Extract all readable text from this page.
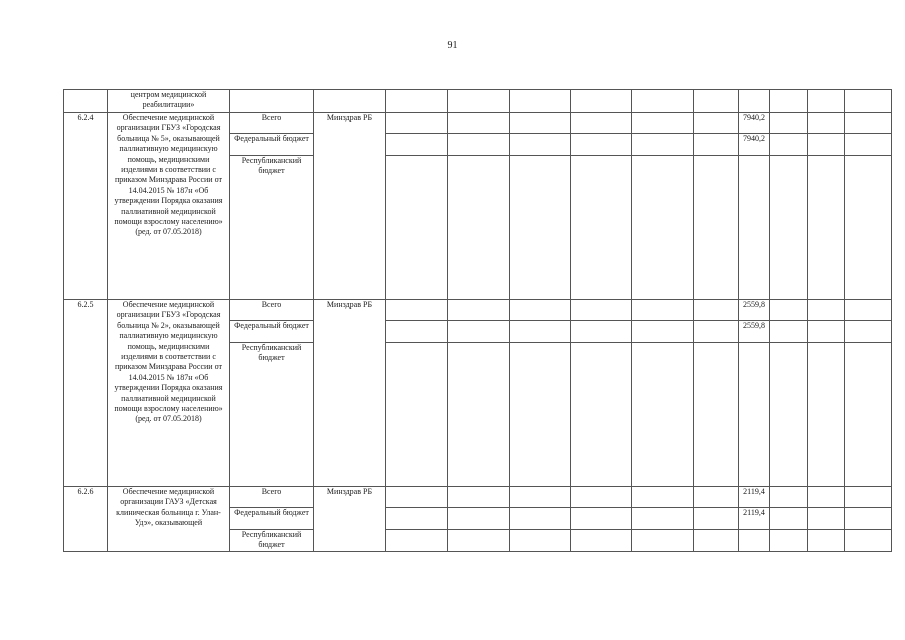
91
	центром медицинской реабилитации»												
6.2.4	Обеспечение медицинской организации ГБУЗ «Городская больница № 5», оказывающей паллиативную медицинскую помощь, медицинскими изделиями в соответствии с приказом Минздрава России от 14.04.2015 № 187н «Об утверждении Порядка оказания паллиативной медицинской помощи взрослому населению» (ред. от 07.05.2018)	Всего	Минздрав РБ							7940,2			
		Федеральный бюджет								7940,2			
		Республиканский бюджет											
6.2.5	Обеспечение медицинской организации ГБУЗ «Городская больница № 2», оказывающей паллиативную медицинскую помощь, медицинскими изделиями в соответствии с приказом Минздрава России от 14.04.2015 № 187н «Об утверждении Порядка оказания паллиативной медицинской помощи взрослому населению» (ред. от 07.05.2018)	Всего	Минздрав РБ							2559,8			
		Федеральный бюджет								2559,8			
		Республиканский бюджет											
6.2.6	Обеспечение медицинской организации ГАУЗ «Детская клиническая больница г. Улан-Удэ», оказывающей	Всего	Минздрав РБ							2119,4			
		Федеральный бюджет								2119,4			
		Республиканский бюджет											
